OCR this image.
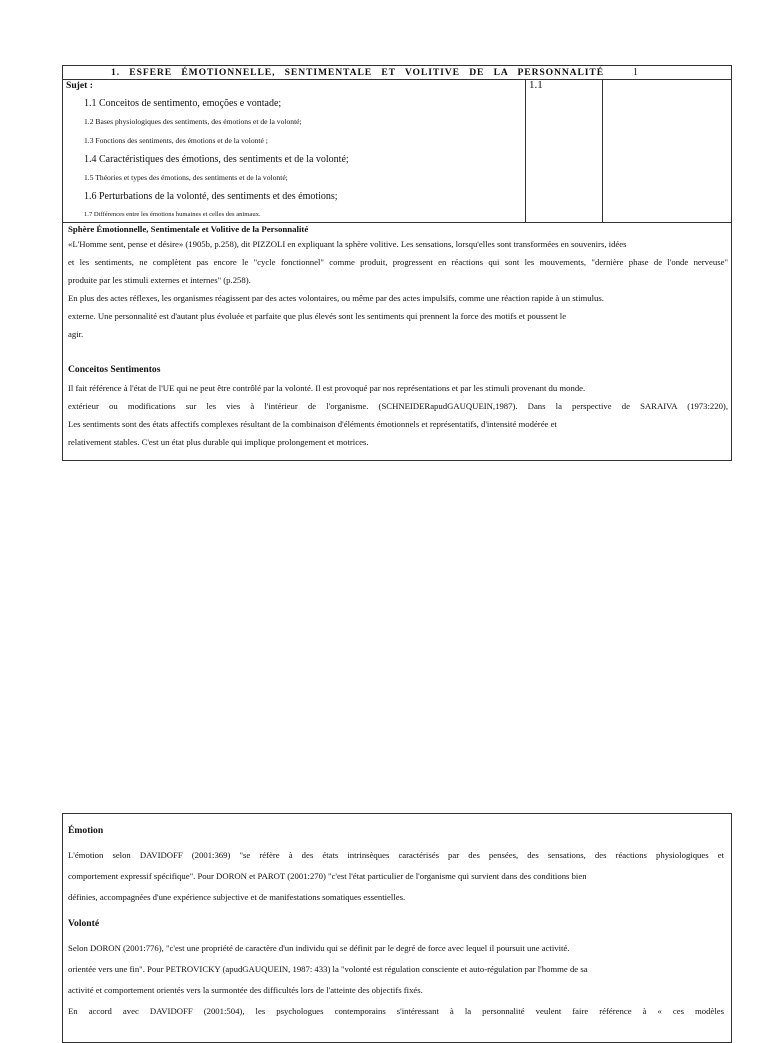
1. ESFERE ÉMOTIONNELLE, SENTIMENTALE ET VOLITIVE DE LA PERSONNALITÉ	1
Sujet :	1.1
1.1 Conceitos de sentimento, emoções e vontade;
1.2 Bases physiologiques des sentiments, des émotions et de la volonté;
1.3 Fonctions des sentiments, des émotions et de la volonté ;
1.4 Caractéristiques des émotions, des sentiments et de la volonté;
1.5 Théories et types des émotions, des sentiments et de la volonté;
1.6 Perturbations de la volonté, des sentiments et des émotions;
1.7 Différences entre les émotions humaines et celles des animaux.

Sphère Émotionnelle, Sentimentale et Volitive de la Personnalité

«L'Homme sent, pense et désire» (1905b, p.258), dit PIZZOLI en expliquant la sphère volitive. Les sensations, lorsqu'elles sont transformées en souvenirs, idées

et les sentiments, ne complètent pas encore le "cycle fonctionnel" comme produit, progressent en réactions qui sont les mouvements, "dernière phase de l'onde nerveuse"

produite par les stimuli externes et internes" (p.258).

En plus des actes réflexes, les organismes réagissent par des actes volontaires, ou même par des actes impulsifs, comme une réaction rapide à un stimulus.

externe. Une personnalité est d'autant plus évoluée et parfaite que plus élevés sont les sentiments qui prennent la force des motifs et poussent le

agir.

Conceitos Sentimentos

Il fait référence à l'état de l'UE qui ne peut être contrôlé par la volonté. Il est provoqué par nos représentations et par les stimuli provenant du monde.

extérieur ou modifications sur les vies à l'intérieur de l'organisme. (SCHNEIDERapudGAUQUEIN,1987). Dans la perspective de SARAIVA (1973:220),

Les sentiments sont des états affectifs complexes résultant de la combinaison d'éléments émotionnels et représentatifs, d'intensité modérée et

relativement stables. C'est un état plus durable qui implique prolongement et motrices.

Émotion

L'émotion selon DAVIDOFF (2001:369) "se réfère à des états intrinsèques caractérisés par des pensées, des sensations, des réactions physiologiques et

comportement expressif spécifique". Pour DORON et PAROT (2001:270) "c'est l'état particulier de l'organisme qui survient dans des conditions bien

définies, accompagnées d'une expérience subjective et de manifestations somatiques essentielles.

Volonté

Selon DORON (2001:776), "c'est une propriété de caractère d'un individu qui se définit par le degré de force avec lequel il poursuit une activité.

orientée vers une fin". Pour PETROVICKY (apudGAUQUEIN, 1987: 433) la "volonté est régulation consciente et auto-régulation par l'homme de sa

activité et comportement orientés vers la surmontée des difficultés lors de l'atteinte des objectifs fixés.

En accord avec DAVIDOFF (2001:504), les psychologues contemporains s'intéressant à la personnalité veulent faire référence à « ces modèles
